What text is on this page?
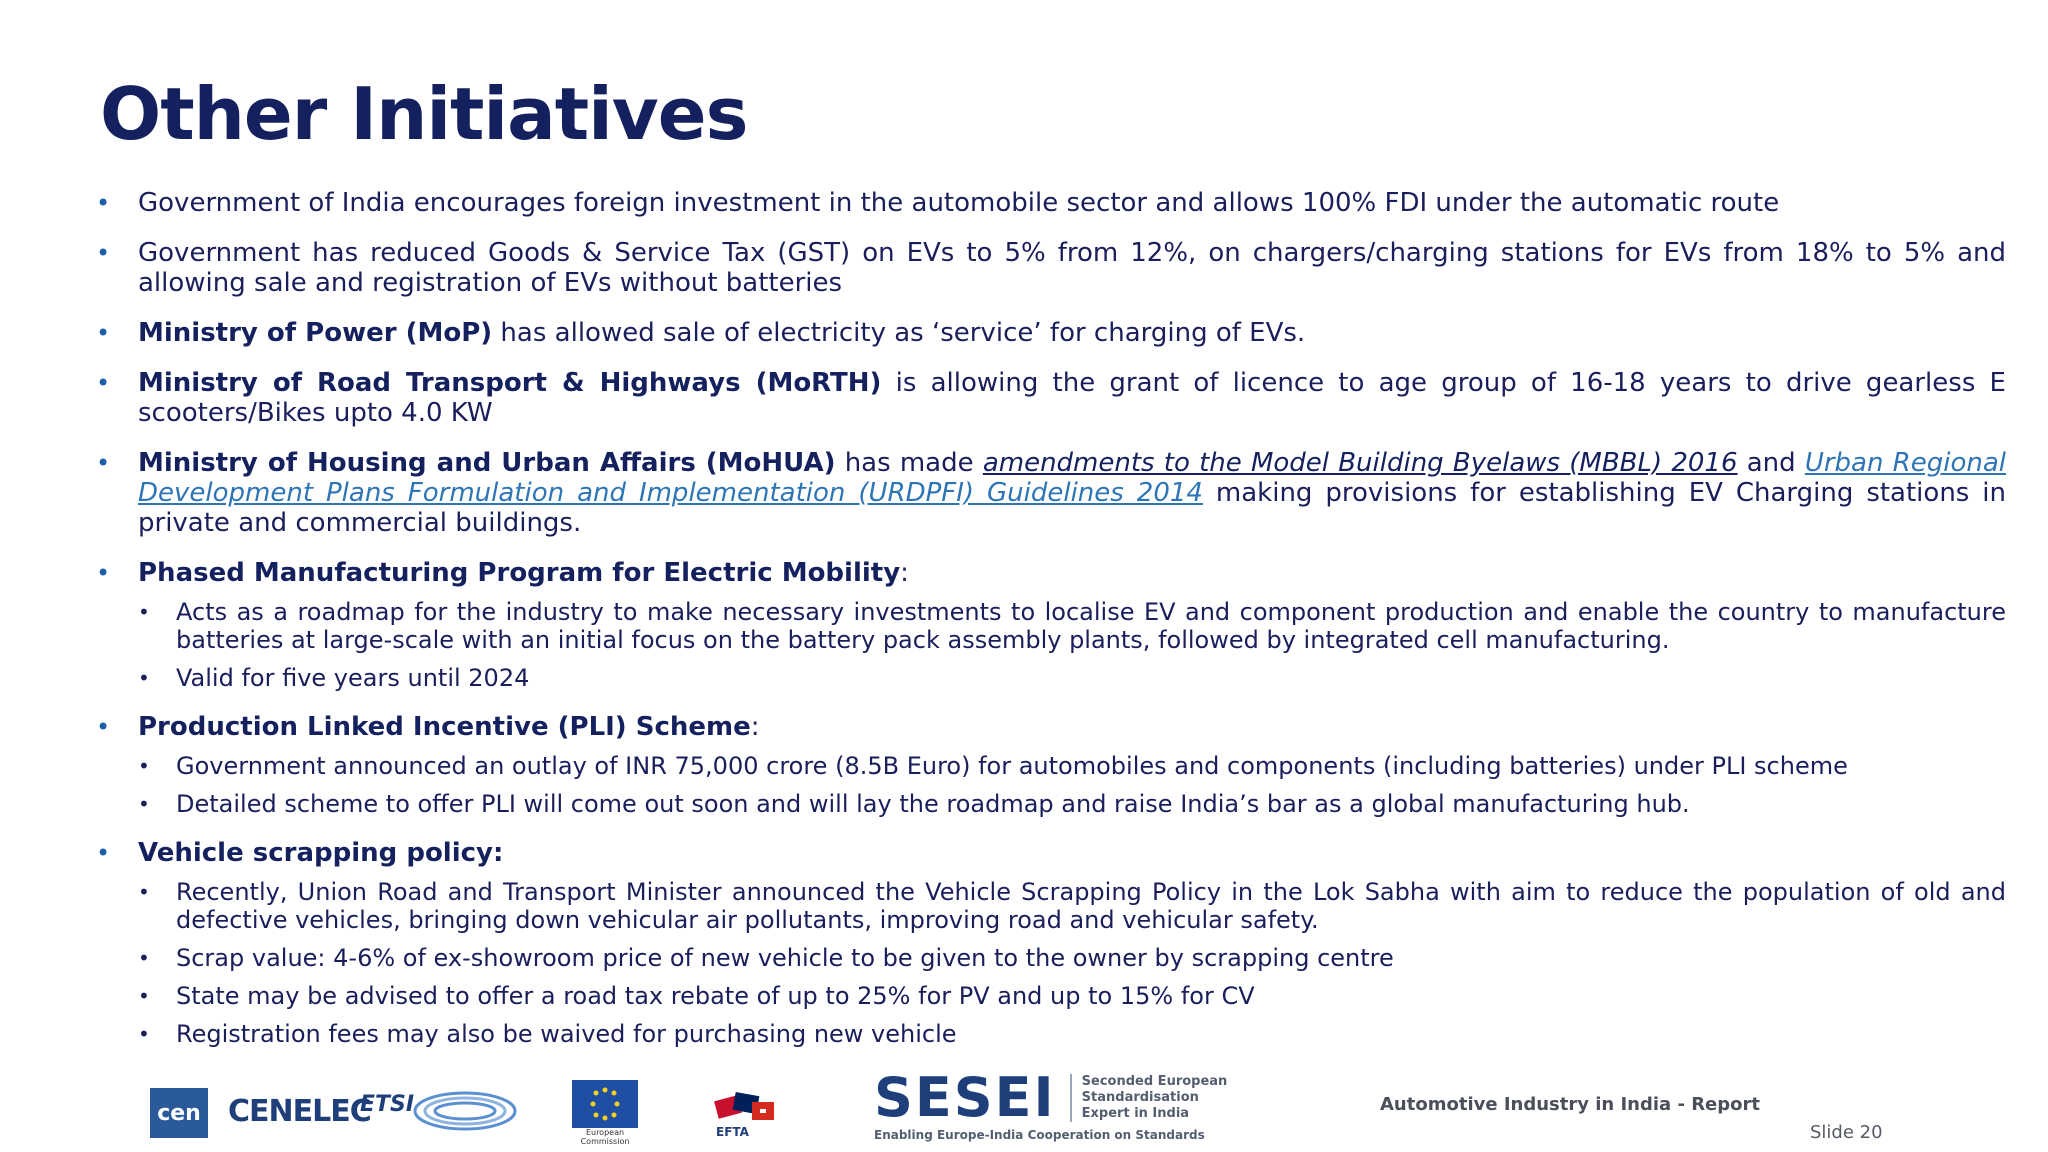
Other Initiatives
• Government of India encourages foreign investment in the automobile sector and allows 100% FDI under the automatic route
• Government has reduced Goods & Service Tax (GST) on EVs to 5% from 12%, on chargers/charging stations for EVs from 18% to 5% and allowing sale and registration of EVs without batteries
• Ministry of Power (MoP) has allowed sale of electricity as ‘service’ for charging of EVs.
• Ministry of Road Transport & Highways (MoRTH) is allowing the grant of licence to age group of 16-18 years to drive gearless E scooters/Bikes upto 4.0 KW
• Ministry of Housing and Urban Affairs (MoHUA) has made amendments to the Model Building Byelaws (MBBL) 2016 and Urban Regional Development Plans Formulation and Implementation (URDPFI) Guidelines 2014 making provisions for establishing EV Charging stations in private and commercial buildings.
• Phased Manufacturing Program for Electric Mobility:
• Acts as a roadmap for the industry to make necessary investments to localise EV and component production and enable the country to manufacture batteries at large-scale with an initial focus on the battery pack assembly plants, followed by integrated cell manufacturing.
• Valid for five years until 2024
• Production Linked Incentive (PLI) Scheme:
• Government announced an outlay of INR 75,000 crore (8.5B Euro) for automobiles and components (including batteries) under PLI scheme
• Detailed scheme to offer PLI will come out soon and will lay the roadmap and raise India’s bar as a global manufacturing hub.
• Vehicle scrapping policy:
• Recently, Union Road and Transport Minister announced the Vehicle Scrapping Policy in the Lok Sabha with aim to reduce the population of old and defective vehicles, bringing down vehicular air pollutants, improving road and vehicular safety.
• Scrap value: 4-6% of ex-showroom price of new vehicle to be given to the owner by scrapping centre
• State may be advised to offer a road tax rebate of up to 25% for PV and up to 15% for CV
• Registration fees may also be waived for purchasing new vehicle
cen CENELEC
ETSI
European
Commission
EFTA
SESEI Seconded European
Standardisation
Expert in India
Enabling Europe-India Cooperation on Standards
Automotive Industry in India - Report
Slide 20
